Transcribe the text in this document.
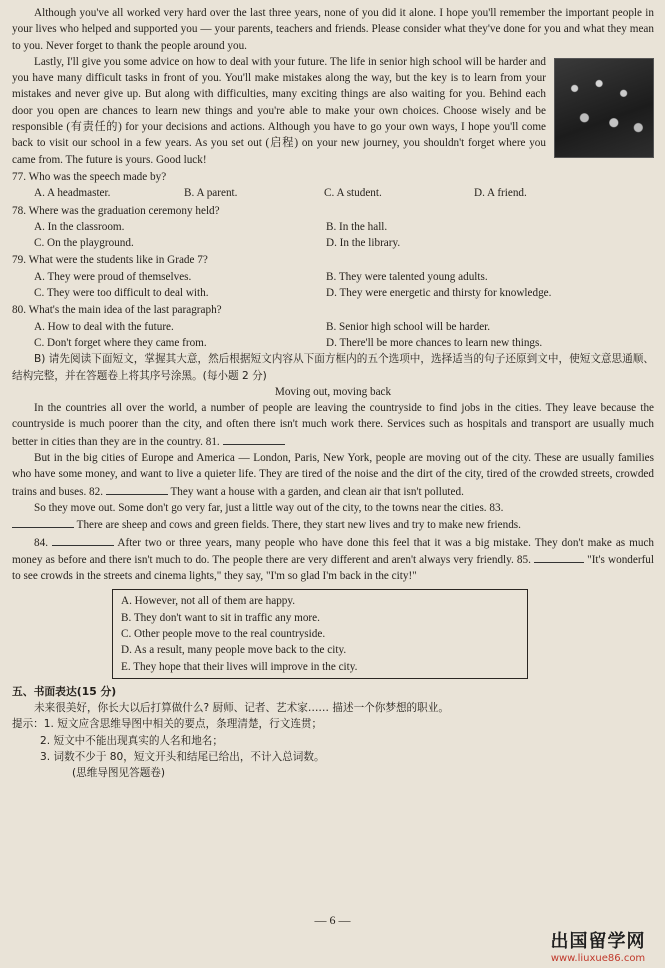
Although you've all worked very hard over the last three years, none of you did it alone. I hope you'll remember the important people in your lives who helped and supported you — your parents, teachers and friends. Please consider what they've done for you and what they mean to you. Never forget to thank the people around you.

Lastly, I'll give you some advice on how to deal with your future. The life in senior high school will be harder and you have many difficult tasks in front of you. You'll make mistakes along the way, but the key is to learn from your mistakes and never give up. But along with difficulties, many exciting things are also waiting for you. Behind each door you open are chances to learn new things and you're able to make your own choices. Choose wisely and be responsible (有责任的) for your decisions and actions. Although you have to go your own ways, I hope you'll come back to visit our school in a few years. As you set out (启程) on your new journey, you shouldn't forget where you came from. The future is yours. Good luck!

77. Who was the speech made by?
A. A headmaster.	B. A parent.	C. A student.	D. A friend.
78. Where was the graduation ceremony held?
A. In the classroom.	B. In the hall.
C. On the playground.	D. In the library.
79. What were the students like in Grade 7?
A. They were proud of themselves.	B. They were talented young adults.
C. They were too difficult to deal with.	D. They were energetic and thirsty for knowledge.
80. What's the main idea of the last paragraph?
A. How to deal with the future.	B. Senior high school will be harder.
C. Don't forget where they came from.	D. There'll be more chances to learn new things.

B) 请先阅读下面短文，掌握其大意，然后根据短文内容从下面方框内的五个选项中，选择适当的句子还原到文中，使短文意思通顺、结构完整，并在答题卷上将其序号涂黑。(每小题 2 分)

Moving out, moving back

In the countries all over the world, a number of people are leaving the countryside to find jobs in the cities. They leave because the countryside is much poorer than the city, and often there isn't much work there. Services such as hospitals and transport are usually much better in cities than they are in the country. 81.

But in the big cities of Europe and America — London, Paris, New York, people are moving out of the city. These are usually families who have some money, and want to live a quieter life. They are tired of the noise and the dirt of the city, tired of the crowded streets, crowded trains and buses. 82.	They want a house with a garden, and clean air that isn't polluted.

So they move out. Some don't go very far, just a little way out of the city, to the towns near the cities. 83.
There are sheep and cows and green fields. There, they start new lives and try to make new friends.

84.	After two or three years, many people who have done this feel that it was a big mistake. They don't make as much money as before and there isn't much to do. The people there are very different and aren't always very friendly. 85.	"It's wonderful to see crowds in the streets and cinema lights," they say, "I'm so glad I'm back in the city!"

A. However, not all of them are happy.
B. They don't want to sit in traffic any more.
C. Other people move to the real countryside.
D. As a result, many people move back to the city.
E. They hope that their lives will improve in the city.
五、书面表达(15 分)

未来很美好，你长大以后打算做什么? 厨师、记者、艺术家…… 描述一个你梦想的职业。

提示：1. 短文应含思维导图中相关的要点，条理清楚，行文连贯；
2. 短文中不能出现真实的人名和地名；
3. 词数不少于 80，短文开头和结尾已给出，不计入总词数。
(思维导图见答题卷)
— 6 —
出国留学网
www.liuxue86.com
